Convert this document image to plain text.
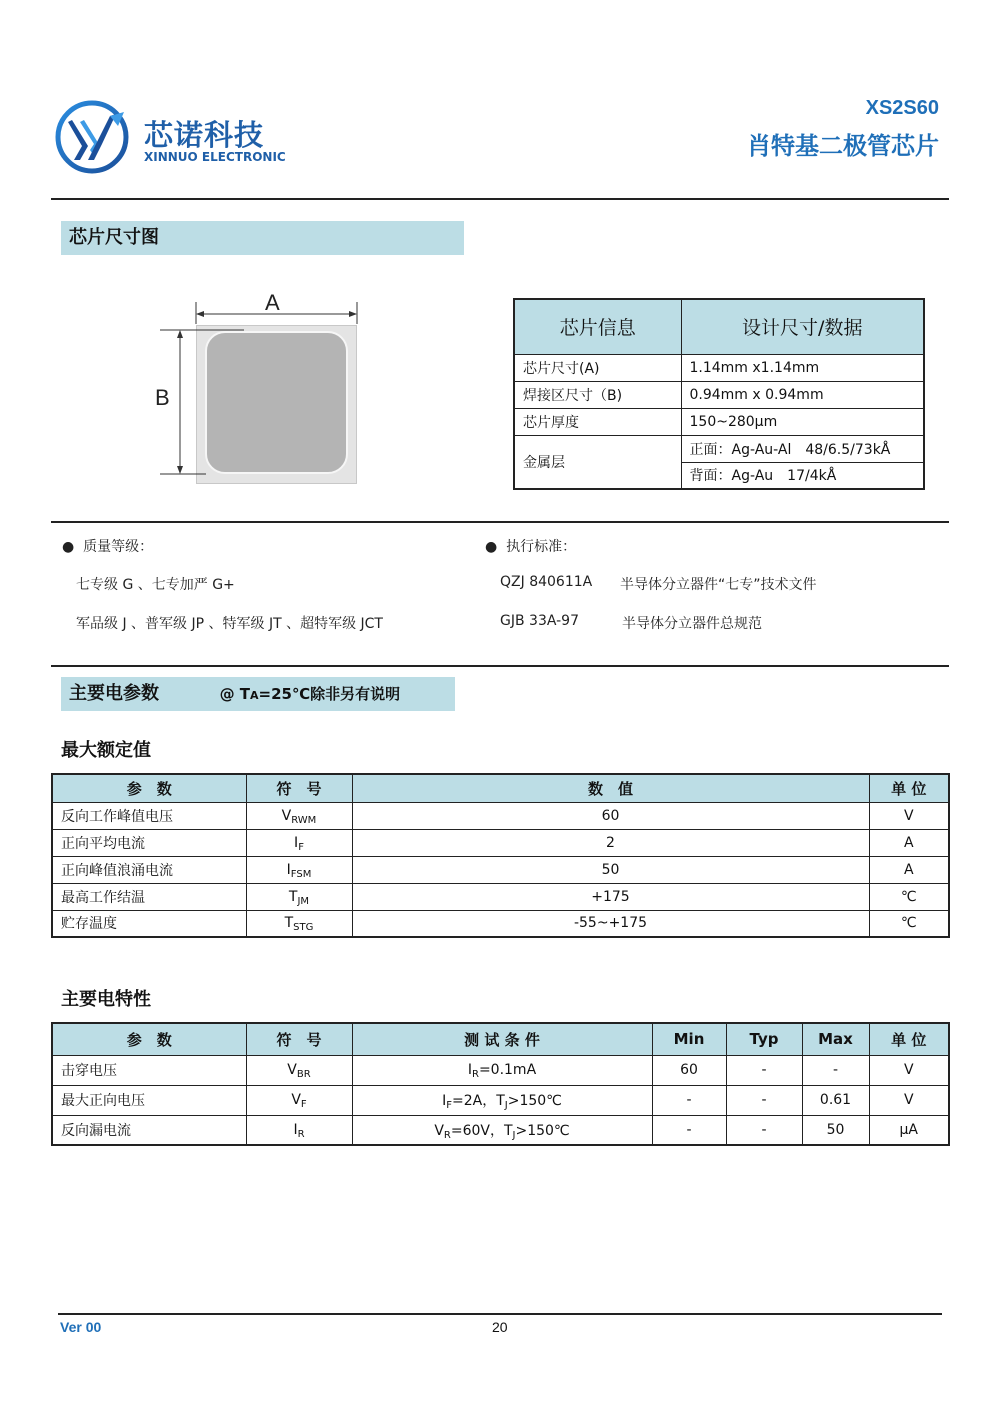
芯诺科技
XINNUO ELECTRONIC
XS2S60
肖特基二极管芯片
芯片尺寸图
A
B
芯片信息	设计尺寸/数据
芯片尺寸(A)	1.14mm x1.14mm
焊接区尺寸（B)	0.94mm x 0.94mm
芯片厚度	150~280μm
金属层	正面：Ag-Au-Al　48/6.5/73kÅ
	背面：Ag-Au　17/4kÅ
● 质量等级：
七专级 G 、七专加严 G+
军品级 J 、普军级 JP 、特军级 JT 、超特军级 JCT
● 执行标准：
QZJ 840611A 半导体分立器件“七专”技术文件
GJB 33A-97	半导体分立器件总规范
主要电参数	@ TA=25℃除非另有说明
最大额定值
参　数	符　号	数　值	单 位
反向工作峰值电压	$V_{RWM}$	60	V
正向平均电流	$I_F$	2	A
正向峰值浪涌电流	$I_{FSM}$	50	A
最高工作结温	$T_{JM}$	+175	℃
贮存温度	$T_{STG}$	-55~+175	℃
主要电特性
参　数	符　号	测 试 条 件	Min	Typ	Max	单 位
击穿电压	$V_{BR}$	$I_R=0.1mA$	60	-	-	V
最大正向电压	$V_F$	$I_F=2A$，$T_J>150℃$	-	-	0.61	V
反向漏电流	$I_R$	$V_R=60V$，$T_J>150℃$	-	-	50	μA
Ver 00	20
